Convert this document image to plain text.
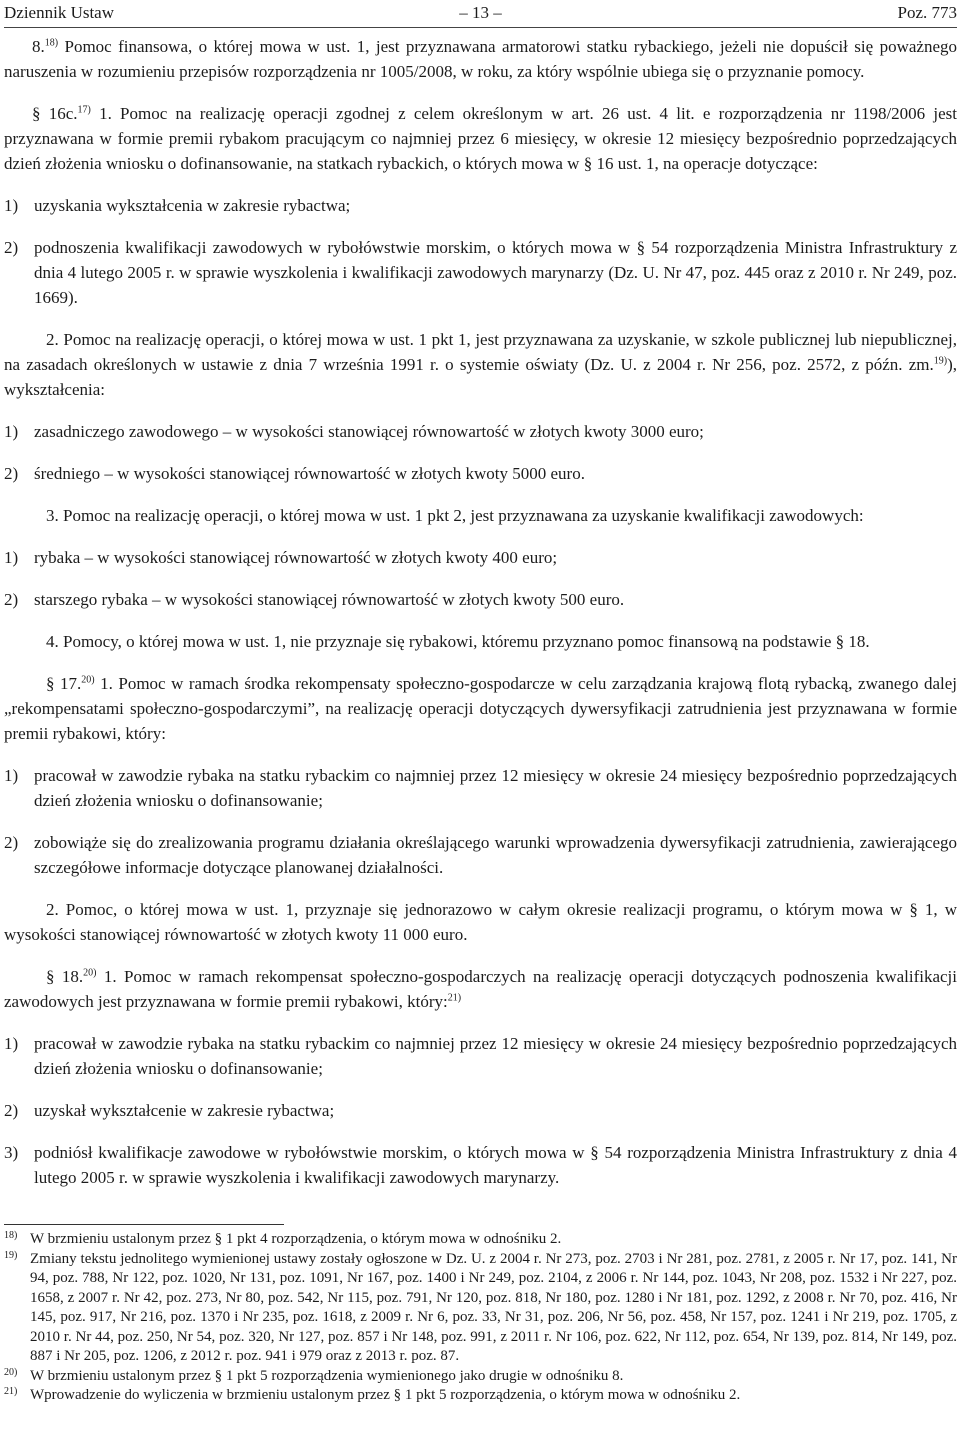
Dziennik Ustaw	– 13 –	Poz. 773

8.$^{18)}$ Pomoc finansowa, o której mowa w ust. 1, jest przyznawana armatorowi statku rybackiego, jeżeli nie dopuścił się poważnego naruszenia w rozumieniu przepisów rozporządzenia nr 1005/2008, w roku, za który wspólnie ubiega się o przyznanie pomocy.

§ 16c.$^{17)}$ 1. Pomoc na realizację operacji zgodnej z celem określonym w art. 26 ust. 4 lit. e rozporządzenia nr 1198/2006 jest przyznawana w formie premii rybakom pracującym co najmniej przez 6 miesięcy, w okresie 12 miesięcy bezpośrednio poprzedzających dzień złożenia wniosku o dofinansowanie, na statkach rybackich, o których mowa w § 16 ust. 1, na operacje dotyczące:

1) uzyskania wykształcenia w zakresie rybactwa;
2) podnoszenia kwalifikacji zawodowych w rybołówstwie morskim, o których mowa w § 54 rozporządzenia Ministra Infrastruktury z dnia 4 lutego 2005 r. w sprawie wyszkolenia i kwalifikacji zawodowych marynarzy (Dz. U. Nr 47, poz. 445 oraz z 2010 r. Nr 249, poz. 1669).

2. Pomoc na realizację operacji, o której mowa w ust. 1 pkt 1, jest przyznawana za uzyskanie, w szkole publicznej lub niepublicznej, na zasadach określonych w ustawie z dnia 7 września 1991 r. o systemie oświaty (Dz. U. z 2004 r. Nr 256, poz. 2572, z późn. zm.$^{19)}$), wykształcenia:

1) zasadniczego zawodowego – w wysokości stanowiącej równowartość w złotych kwoty 3000 euro;
2) średniego – w wysokości stanowiącej równowartość w złotych kwoty 5000 euro.

3. Pomoc na realizację operacji, o której mowa w ust. 1 pkt 2, jest przyznawana za uzyskanie kwalifikacji zawodowych:

1) rybaka – w wysokości stanowiącej równowartość w złotych kwoty 400 euro;
2) starszego rybaka – w wysokości stanowiącej równowartość w złotych kwoty 500 euro.

4. Pomocy, o której mowa w ust. 1, nie przyznaje się rybakowi, któremu przyznano pomoc finansową na podstawie § 18.

§ 17.$^{20)}$ 1. Pomoc w ramach środka rekompensaty społeczno-gospodarcze w celu zarządzania krajową flotą rybacką, zwanego dalej „rekompensatami społeczno-gospodarczymi”, na realizację operacji dotyczących dywersyfikacji zatrudnienia jest przyznawana w formie premii rybakowi, który:

1) pracował w zawodzie rybaka na statku rybackim co najmniej przez 12 miesięcy w okresie 24 miesięcy bezpośrednio poprzedzających dzień złożenia wniosku o dofinansowanie;
2) zobowiąże się do zrealizowania programu działania określającego warunki wprowadzenia dywersyfikacji zatrudnienia, zawierającego szczegółowe informacje dotyczące planowanej działalności.

2. Pomoc, o której mowa w ust. 1, przyznaje się jednorazowo w całym okresie realizacji programu, o którym mowa w § 1, w wysokości stanowiącej równowartość w złotych kwoty 11 000 euro.

§ 18.$^{20)}$ 1. Pomoc w ramach rekompensat społeczno-gospodarczych na realizację operacji dotyczących podnoszenia kwalifikacji zawodowych jest przyznawana w formie premii rybakowi, który:$^{21)}$

1) pracował w zawodzie rybaka na statku rybackim co najmniej przez 12 miesięcy w okresie 24 miesięcy bezpośrednio poprzedzających dzień złożenia wniosku o dofinansowanie;
2) uzyskał wykształcenie w zakresie rybactwa;
3) podniósł kwalifikacje zawodowe w rybołówstwie morskim, o których mowa w § 54 rozporządzenia Ministra Infrastruktury z dnia 4 lutego 2005 r. w sprawie wyszkolenia i kwalifikacji zawodowych marynarzy.

18) W brzmieniu ustalonym przez § 1 pkt 4 rozporządzenia, o którym mowa w odnośniku 2.

19) Zmiany tekstu jednolitego wymienionej ustawy zostały ogłoszone w Dz. U. z 2004 r. Nr 273, poz. 2703 i Nr 281, poz. 2781, z 2005 r. Nr 17, poz. 141, Nr 94, poz. 788, Nr 122, poz. 1020, Nr 131, poz. 1091, Nr 167, poz. 1400 i Nr 249, poz. 2104, z 2006 r. Nr 144, poz. 1043, Nr 208, poz. 1532 i Nr 227, poz. 1658, z 2007 r. Nr 42, poz. 273, Nr 80, poz. 542, Nr 115, poz. 791, Nr 120, poz. 818, Nr 180, poz. 1280 i Nr 181, poz. 1292, z 2008 r. Nr 70, poz. 416, Nr 145, poz. 917, Nr 216, poz. 1370 i Nr 235, poz. 1618, z 2009 r. Nr 6, poz. 33, Nr 31, poz. 206, Nr 56, poz. 458, Nr 157, poz. 1241 i Nr 219, poz. 1705, z 2010 r. Nr 44, poz. 250, Nr 54, poz. 320, Nr 127, poz. 857 i Nr 148, poz. 991, z 2011 r. Nr 106, poz. 622, Nr 112, poz. 654, Nr 139, poz. 814, Nr 149, poz. 887 i Nr 205, poz. 1206, z 2012 r. poz. 941 i 979 oraz z 2013 r. poz. 87.

20) W brzmieniu ustalonym przez § 1 pkt 5 rozporządzenia wymienionego jako drugie w odnośniku 8.

21) Wprowadzenie do wyliczenia w brzmieniu ustalonym przez § 1 pkt 5 rozporządzenia, o którym mowa w odnośniku 2.
